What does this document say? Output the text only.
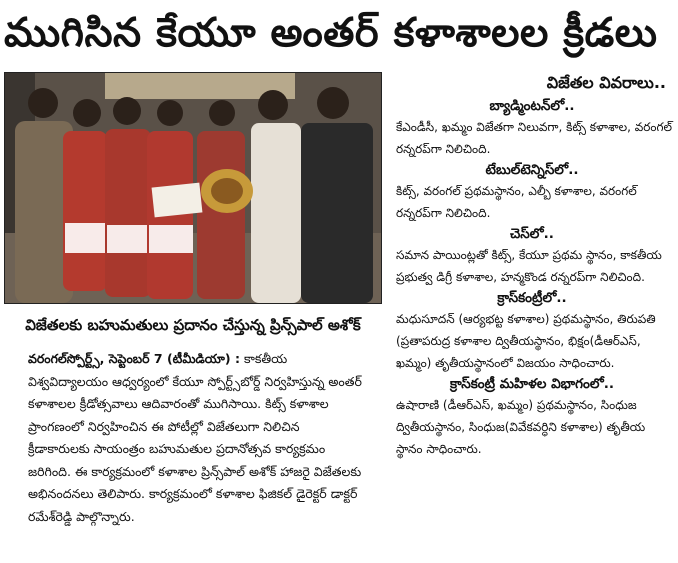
ముగిసిన కేయూ అంతర్ కళాశాలల క్రీడలు
విజేతలకు బహుమతులు ప్రదానం చేస్తున్న ప్రిన్స్‌పాల్ అశోక్
వరంగల్‌స్పోర్ట్స్, సెప్టెంబర్ 7 (టీమీడియా) : కాకతీయ విశ్వవిద్యాలయం ఆధ్వర్యంలో కేయూ స్పోర్ట్స్‌బోర్డ్ నిర్వహిస్తున్న అంతర్ కళాశాలల క్రీడోత్సవాలు ఆదివారంతో ముగిసాయి. కిట్స్ కళాశాల ప్రాంగణంలో నిర్వహించిన ఈ పోటీల్లో విజేతలుగా నిలిచిన క్రీడాకారులకు సాయంత్రం బహుమతుల ప్రదానోత్సవ కార్యక్రమం జరిగింది. ఈ కార్యక్రమంలో కళాశాల ప్రిన్స్‌పాల్ అశోక్ హాజరై విజేతలకు అభినందనలు తెలిపారు. కార్యక్రమంలో కళాశాల ఫిజికల్ డైరెక్టర్ డాక్టర్ రమేశ్‌రెడ్డి పాల్గొన్నారు.
విజేతల వివరాలు..
బ్యాడ్మింటన్‌లో..

కేఎండీసీ, ఖమ్మం విజేతగా నిలువగా, కిట్స్ కళాశాల, వరంగల్ రన్నరప్‌గా నిలిచింది.

టేబుల్‌టెన్నిస్‌లో..

కిట్స్, వరంగల్ ప్రథమస్థానం, ఎల్బీ కళాశాల, వరంగల్ రన్నరప్‌గా నిలిచింది.

చెస్‌లో..

సమాన పాయింట్లతో కిట్స్, కేయూ ప్రథమ స్థానం, కాకతీయ ప్రభుత్వ డిగ్రీ కళాశాల, హన్మకొండ రన్నరప్‌గా నిలిచింది.

క్రాస్‌కంట్రీలో..

మధుసూదన్ (ఆర్యభట్ట కళాశాల) ప్రథమస్థానం, తిరుపతి (ప్రతాపరుద్ర కళాశాల ద్వితీయస్థానం, భిక్షం(డీఆర్‌ఎస్, ఖమ్మం) తృతీయస్థానంలో విజయం సాధించారు.

క్రాస్‌కంట్రీ మహిళల విభాగంలో..

ఉషారాణి (డీఆర్‌ఎస్, ఖమ్మం) ప్రథమస్థానం, సింధుజ ద్వితీయస్థానం, సింధుజ(వివేకవర్ధిని కళాశాల) తృతీయ స్థానం సాధించారు.
